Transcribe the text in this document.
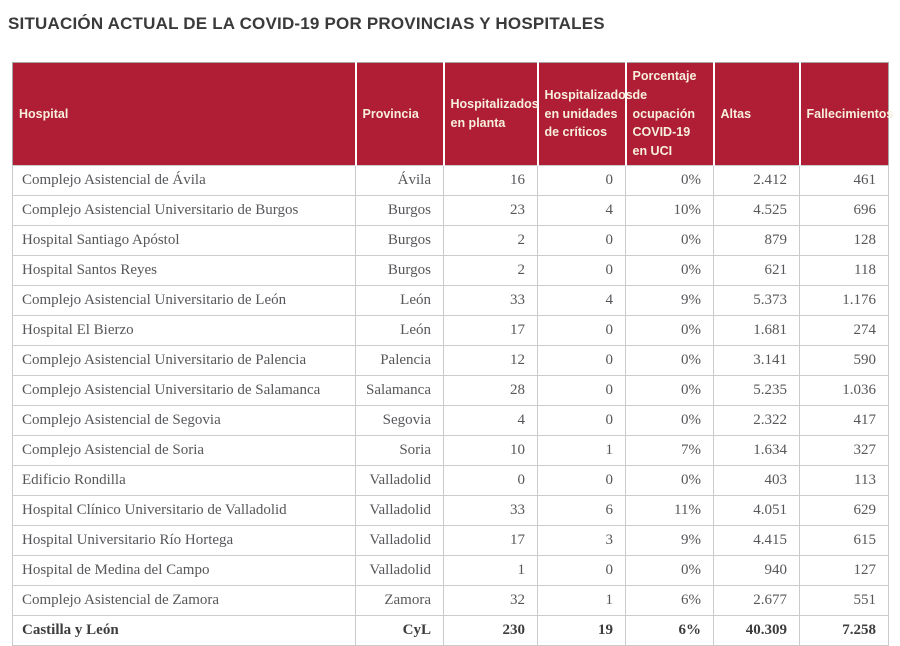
SITUACIÓN ACTUAL DE LA COVID-19 POR PROVINCIAS Y HOSPITALES
Hospital	Provincia	Hospitalizados en planta	Hospitalizados en unidades de críticos	Porcentaje de ocupación COVID-19 en UCI	Altas	Fallecimientos
Complejo Asistencial de Ávila	Ávila	16	0	0%	2.412	461
Complejo Asistencial Universitario de Burgos	Burgos	23	4	10%	4.525	696
Hospital Santiago Apóstol	Burgos	2	0	0%	879	128
Hospital Santos Reyes	Burgos	2	0	0%	621	118
Complejo Asistencial Universitario de León	León	33	4	9%	5.373	1.176
Hospital El Bierzo	León	17	0	0%	1.681	274
Complejo Asistencial Universitario de Palencia	Palencia	12	0	0%	3.141	590
Complejo Asistencial Universitario de Salamanca	Salamanca	28	0	0%	5.235	1.036
Complejo Asistencial de Segovia	Segovia	4	0	0%	2.322	417
Complejo Asistencial de Soria	Soria	10	1	7%	1.634	327
Edificio Rondilla	Valladolid	0	0	0%	403	113
Hospital Clínico Universitario de Valladolid	Valladolid	33	6	11%	4.051	629
Hospital Universitario Río Hortega	Valladolid	17	3	9%	4.415	615
Hospital de Medina del Campo	Valladolid	1	0	0%	940	127
Complejo Asistencial de Zamora	Zamora	32	1	6%	2.677	551
Castilla y León	CyL	230	19	6%	40.309	7.258
